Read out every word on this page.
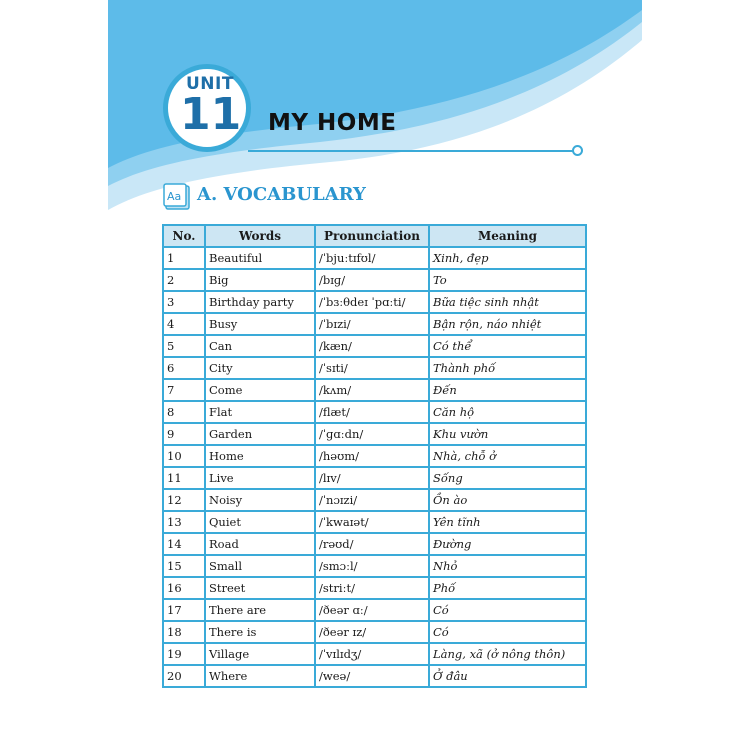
UNIT
11 MY HOME
Aa A. VOCABULARY
No.	Words	Pronunciation	Meaning
1	Beautiful	/ˈbjuːtɪfʊl/	Xinh, đẹp
2	Big	/bɪɡ/	To
3	Birthday party	/ˈbɜːθdeɪ ˈpɑːti/	Bữa tiệc sinh nhật
4	Busy	/ˈbɪzi/	Bận rộn, náo nhiệt
5	Can	/kæn/	Có thể
6	City	/ˈsɪti/	Thành phố
7	Come	/kʌm/	Đến
8	Flat	/flæt/	Căn hộ
9	Garden	/ˈɡɑːdn/	Khu vườn
10	Home	/həʊm/	Nhà, chỗ ở
11	Live	/lɪv/	Sống
12	Noisy	/ˈnɔɪzi/	Ồn ào
13	Quiet	/ˈkwaɪət/	Yên tĩnh
14	Road	/rəʊd/	Đường
15	Small	/smɔːl/	Nhỏ
16	Street	/striːt/	Phố
17	There are	/ðeər ɑː/	Có
18	There is	/ðeər ɪz/	Có
19	Village	/ˈvɪlɪdʒ/	Làng, xã (ở nông thôn)
20	Where	/weə/	Ở đâu
